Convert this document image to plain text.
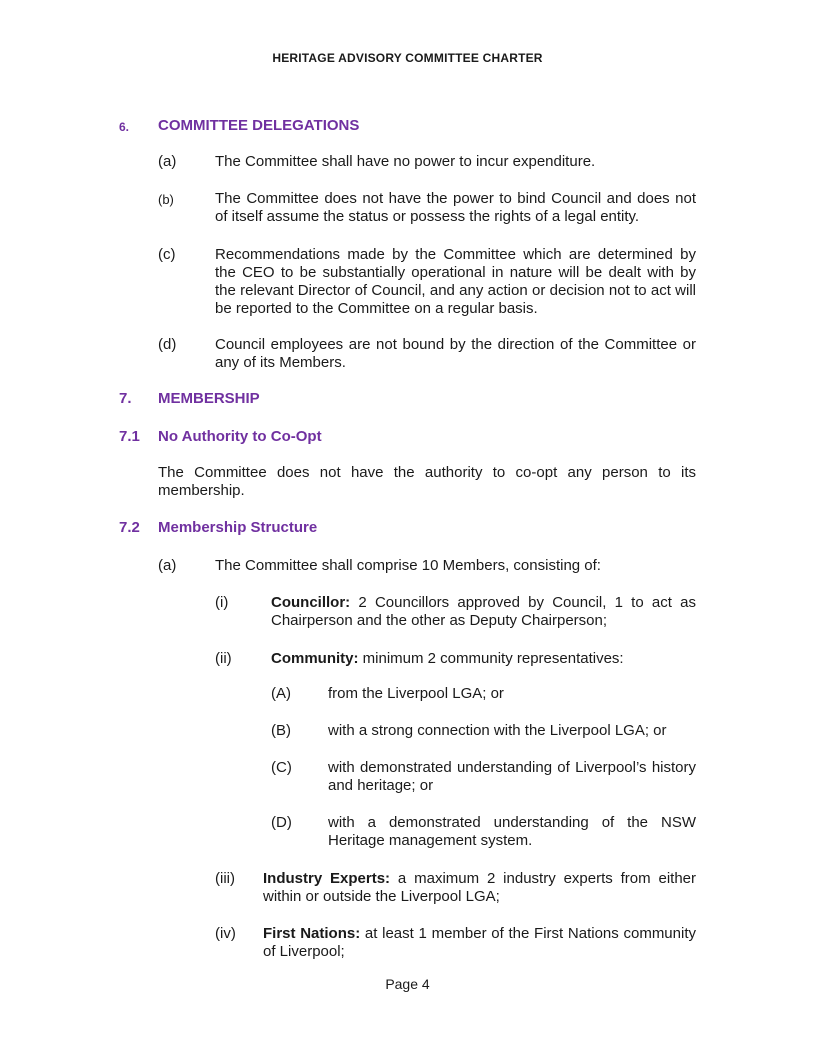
HERITAGE ADVISORY COMMITTEE CHARTER
6. COMMITTEE DELEGATIONS
(a)	The Committee shall have no power to incur expenditure.
(b)	The Committee does not have the power to bind Council and does not of itself assume the status or possess the rights of a legal entity.
(c)	Recommendations made by the Committee which are determined by the CEO to be substantially operational in nature will be dealt with by the relevant Director of Council, and any action or decision not to act will be reported to the Committee on a regular basis.
(d)	Council employees are not bound by the direction of the Committee or any of its Members.
7. MEMBERSHIP
7.1 No Authority to Co-Opt
The Committee does not have the authority to co-opt any person to its membership.
7.2 Membership Structure
(a)	The Committee shall comprise 10 Members, consisting of:
(i)	Councillor: 2 Councillors approved by Council, 1 to act as Chairperson and the other as Deputy Chairperson;
(ii)	Community: minimum 2 community representatives:
(A) from the Liverpool LGA; or
(B) with a strong connection with the Liverpool LGA; or
(C) with demonstrated understanding of Liverpool’s history and heritage; or
(D) with a demonstrated understanding of the NSW Heritage management system.
(iii) Industry Experts: a maximum 2 industry experts from either within or outside the Liverpool LGA;
(iv) First Nations: at least 1 member of the First Nations community of Liverpool;
Page 4
